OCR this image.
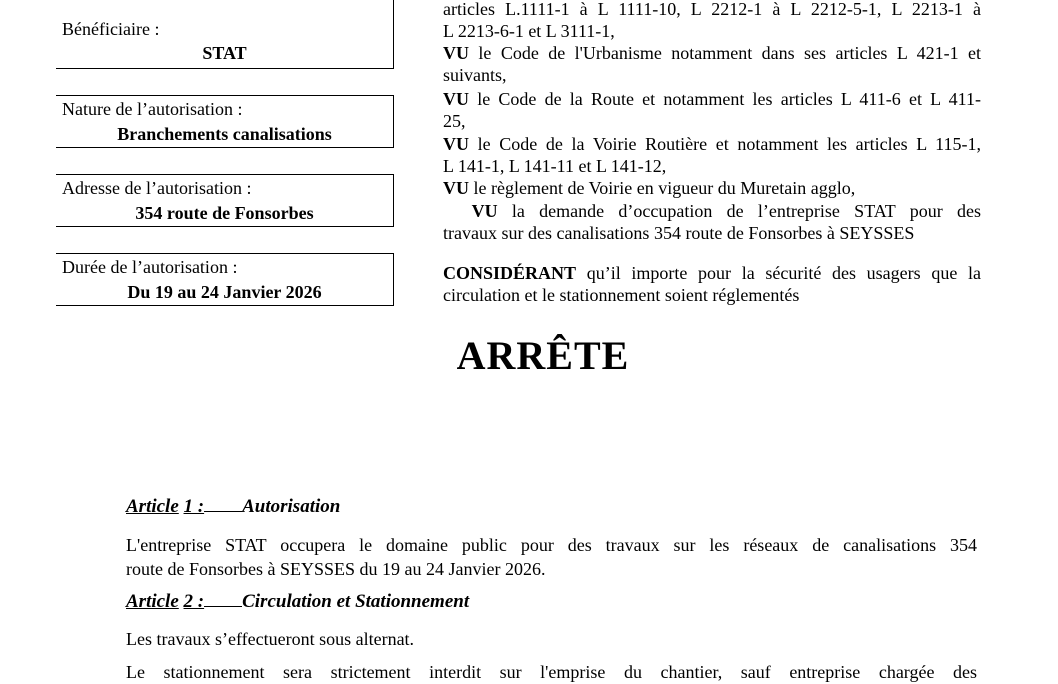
Bénéficiaire :
STAT
Nature de l’autorisation :
Branchements canalisations
Adresse de l’autorisation :
354 route de Fonsorbes
Durée de l’autorisation :
Du 19 au 24 Janvier 2026
articles L.1111-1 à L 1111-10, L 2212-1 à L 2212-5-1, L 2213-1 à
L 2213-6-1 et L 3111-1,
VU le Code de l'Urbanisme notamment dans ses articles L 421-1 et
suivants,
VU le Code de la Route et notamment les articles L 411-6 et L 411-
25,
VU le Code de la Voirie Routière et notamment les articles L 115-1,
L 141-1, L 141-11 et L 141-12,
VU le règlement de Voirie en vigueur du Muretain agglo,
VU la demande d’occupation de l’entreprise STAT pour des
travaux sur des canalisations 354 route de Fonsorbes à SEYSSES
CONSIDÉRANT qu’il importe pour la sécurité des usagers que la
circulation et le stationnement soient réglementés
ARRÊTE
Article 1 : Autorisation
L'entreprise STAT occupera le domaine public pour des travaux sur les réseaux de canalisations 354
route de Fonsorbes à SEYSSES du 19 au 24 Janvier 2026.
Article 2 : Circulation et Stationnement
Les travaux s’effectueront sous alternat.
Le stationnement sera strictement interdit sur l'emprise du chantier, sauf entreprise chargée des
